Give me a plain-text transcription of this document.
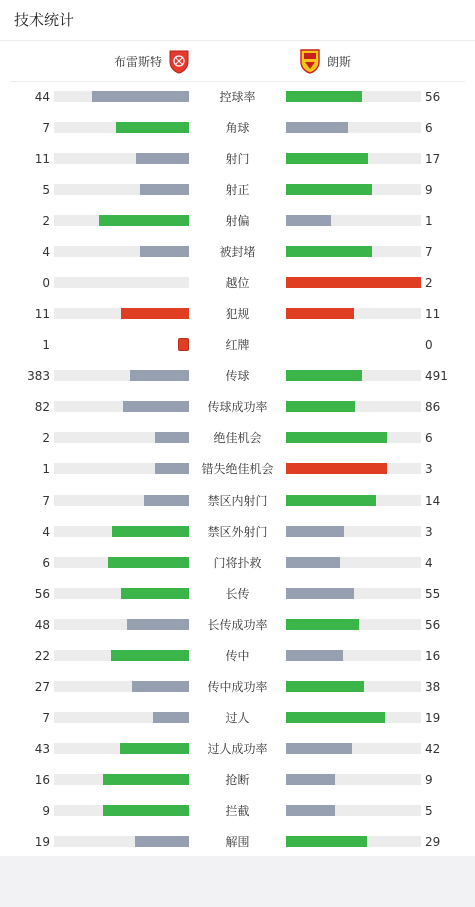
技术统计
布雷斯特	朗斯
44	控球率	56
7	角球	6
11	射门	17
5	射正	9
2	射偏	1
4	被封堵	7
0	越位	2
11	犯规	11
1	红牌	0
383	传球	491
82	传球成功率	86
2	绝佳机会	6
1	错失绝佳机会	3
7	禁区内射门	14
4	禁区外射门	3
6	门将扑救	4
56	长传	55
48	长传成功率	56
22	传中	16
27	传中成功率	38
7	过人	19
43	过人成功率	42
16	抢断	9
9	拦截	5
19	解围	29
